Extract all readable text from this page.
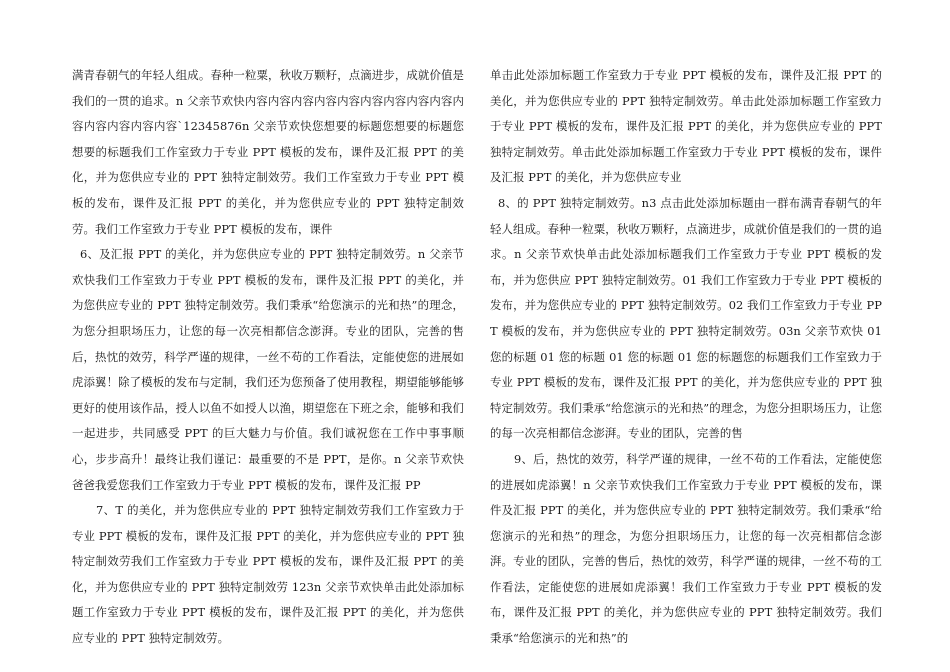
满青春朝气的年轻人组成。春种一粒粟，秋收万颗籽，点滴进步，成就价值是我们的一贯的追求。n 父亲节欢快内容内容内容内容内容内容内容内容内容内容内容内容内容内容`12345876n 父亲节欢快您想要的标题您想要的标题您想要的标题我们工作室致力于专业 PPT 模板的发布，课件及汇报 PPT 的美化，并为您供应专业的 PPT 独特定制效劳。我们工作室致力于专业 PPT 模板的发布，课件及汇报 PPT 的美化，并为您供应专业的 PPT 独特定制效劳。我们工作室致力于专业 PPT 模板的发布，课件

6、及汇报 PPT 的美化，并为您供应专业的 PPT 独特定制效劳。n 父亲节欢快我们工作室致力于专业 PPT 模板的发布，课件及汇报 PPT 的美化，并为您供应专业的 PPT 独特定制效劳。我们秉承“给您演示的光和热”的理念，为您分担职场压力，让您的每一次亮相都信念澎湃。专业的团队，完善的售后，热忱的效劳，科学严谨的规律，一丝不苟的工作看法，定能使您的进展如虎添翼！除了模板的发布与定制，我们还为您预备了使用教程，期望能够能够更好的使用该作品，授人以鱼不如授人以渔，期望您在下班之余，能够和我们一起进步，共同感受 PPT 的巨大魅力与价值。我们诚祝您在工作中事事顺心，步步高升！最终让我们谨记：最重要的不是 PPT，是你。n 父亲节欢快爸爸我爱您我们工作室致力于专业 PPT 模板的发布，课件及汇报 PP

7、T 的美化，并为您供应专业的 PPT 独特定制效劳我们工作室致力于专业 PPT 模板的发布，课件及汇报 PPT 的美化，并为您供应专业的 PPT 独特定制效劳我们工作室致力于专业 PPT 模板的发布，课件及汇报 PPT 的美化，并为您供应专业的 PPT 独特定制效劳 123n 父亲节欢快单击此处添加标题工作室致力于专业 PPT 模板的发布，课件及汇报 PPT 的美化，并为您供应专业的 PPT 独特定制效劳。

单击此处添加标题工作室致力于专业 PPT 模板的发布，课件及汇报 PPT 的美化，并为您供应专业的 PPT 独特定制效劳。单击此处添加标题工作室致力于专业 PPT 模板的发布，课件及汇报 PPT 的美化，并为您供应专业的 PPT 独特定制效劳。单击此处添加标题工作室致力于专业 PPT 模板的发布，课件及汇报 PPT 的美化，并为您供应专业

8、的 PPT 独特定制效劳。n3 点击此处添加标题由一群布满青春朝气的年轻人组成。春种一粒粟，秋收万颗籽，点滴进步，成就价值是我们的一贯的追求。n 父亲节欢快单击此处添加标题我们工作室致力于专业 PPT 模板的发布，并为您供应 PPT 独特定制效劳。01 我们工作室致力于专业 PPT 模板的发布，并为您供应专业的 PPT 独特定制效劳。02 我们工作室致力于专业 PPT 模板的发布，并为您供应专业的 PPT 独特定制效劳。03n 父亲节欢快 01 您的标题 01 您的标题 01 您的标题 01 您的标题您的标题我们工作室致力于专业 PPT 模板的发布，课件及汇报 PPT 的美化，并为您供应专业的 PPT 独特定制效劳。我们秉承“给您演示的光和热”的理念，为您分担职场压力，让您的每一次亮相都信念澎湃。专业的团队，完善的售

9、后，热忱的效劳，科学严谨的规律，一丝不苟的工作看法，定能使您的进展如虎添翼！n 父亲节欢快我们工作室致力于专业 PPT 模板的发布，课件及汇报 PPT 的美化，并为您供应专业的 PPT 独特定制效劳。我们秉承“给您演示的光和热”的理念，为您分担职场压力，让您的每一次亮相都信念澎湃。专业的团队，完善的售后，热忱的效劳，科学严谨的规律，一丝不苟的工作看法，定能使您的进展如虎添翼！我们工作室致力于专业 PPT 模板的发布，课件及汇报 PPT 的美化，并为您供应专业的 PPT 独特定制效劳。我们秉承“给您演示的光和热”的
